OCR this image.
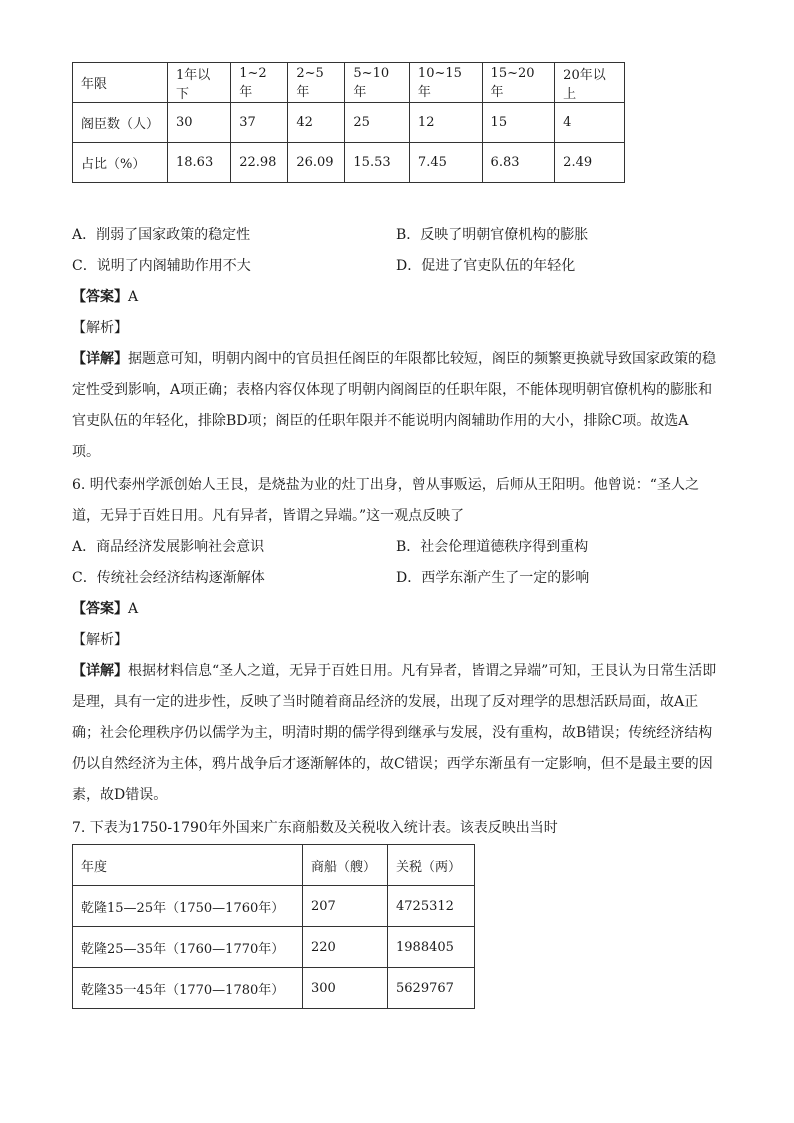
年限	1年以下	1~2年	2~5年	5~10年	10~15年	15~20年	20年以上
阁臣数（人）	30	37	42	25	12	15	4
占比（%）	18.63	22.98	26.09	15.53	7.45	6.83	2.49
A．削弱了国家政策的稳定性	B．反映了明朝官僚机构的膨胀
C．说明了内阁辅助作用不大	D．促进了官吏队伍的年轻化
【答案】A
【解析】
【详解】据题意可知，明朝内阁中的官员担任阁臣的年限都比较短，阁臣的频繁更换就导致国家政策的稳
定性受到影响，A项正确；表格内容仅体现了明朝内阁阁臣的任职年限，不能体现明朝官僚机构的膨胀和
官吏队伍的年轻化，排除BD项；阁臣的任职年限并不能说明内阁辅助作用的大小，排除C项。故选A
项。
6. 明代泰州学派创始人王艮，是烧盐为业的灶丁出身，曾从事贩运，后师从王阳明。他曾说：“圣人之
道，无异于百姓日用。凡有异者，皆谓之异端。”这一观点反映了
A．商品经济发展影响社会意识	B．社会伦理道德秩序得到重构
C．传统社会经济结构逐渐解体	D．西学东渐产生了一定的影响
【答案】A
【解析】
【详解】根据材料信息“圣人之道，无异于百姓日用。凡有异者，皆谓之异端”可知，王艮认为日常生活即
是理，具有一定的进步性，反映了当时随着商品经济的发展，出现了反对理学的思想活跃局面，故A正
确；社会伦理秩序仍以儒学为主，明清时期的儒学得到继承与发展，没有重构，故B错误；传统经济结构
仍以自然经济为主体，鸦片战争后才逐渐解体的，故C错误；西学东渐虽有一定影响，但不是最主要的因
素，故D错误。
7. 下表为1750-1790年外国来广东商船数及关税收入统计表。该表反映出当时
年度	商船（艘）	关税（两）
乾隆15—25年（1750—1760年）	207	4725312
乾隆25—35年（1760—1770年）	220	1988405
乾隆35一45年（1770—1780年）	300	5629767
